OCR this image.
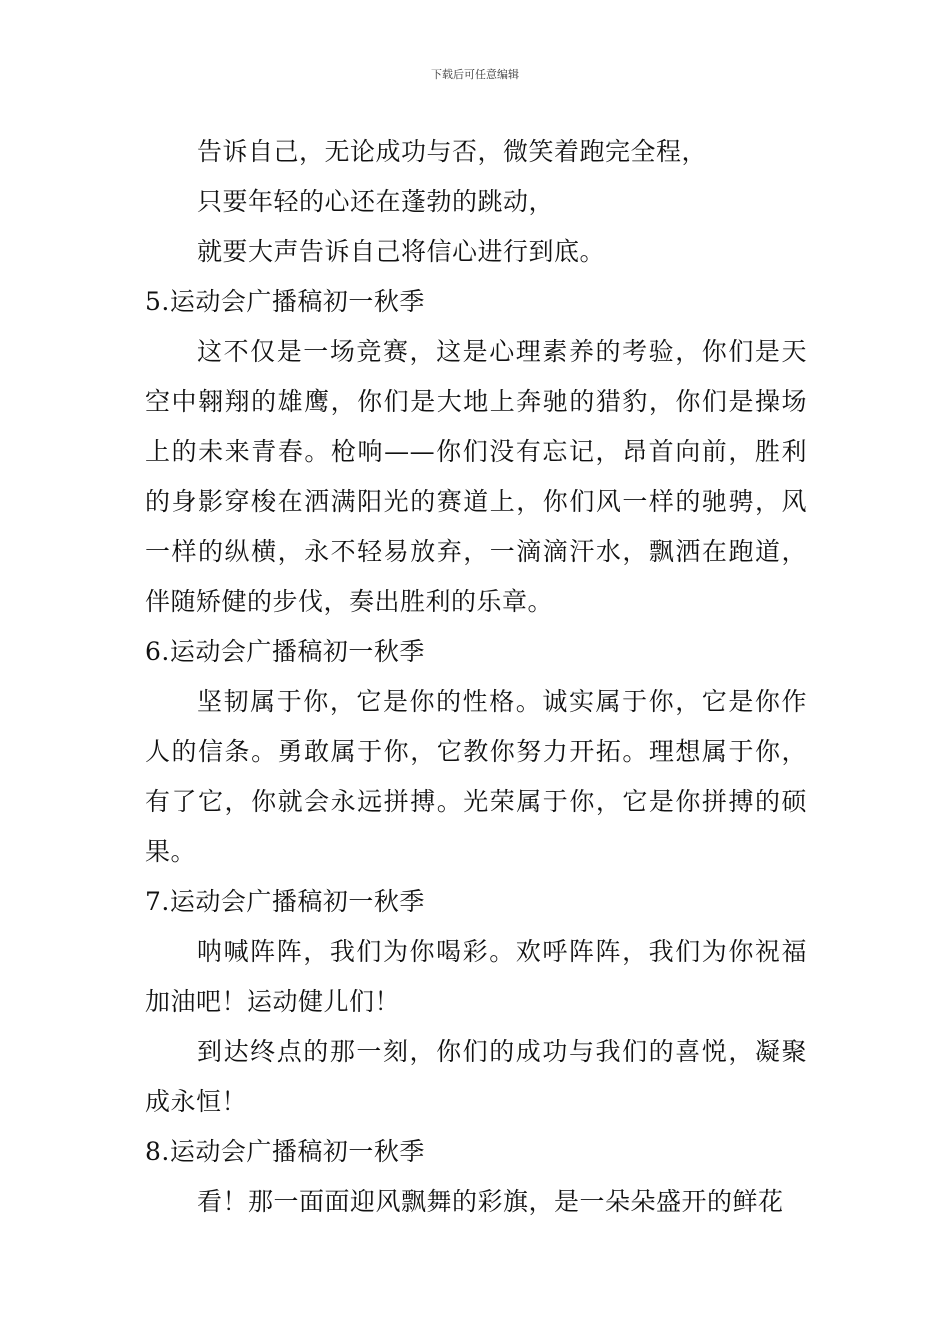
下载后可任意编辑

告诉自己，无论成功与否，微笑着跑完全程，

只要年轻的心还在蓬勃的跳动，

就要大声告诉自己将信心进行到底。

5.运动会广播稿初一秋季

这不仅是一场竞赛，这是心理素养的考验，你们是天空中翱翔的雄鹰，你们是大地上奔驰的猎豹，你们是操场上的未来青春。枪响——你们没有忘记，昂首向前，胜利的身影穿梭在洒满阳光的赛道上，你们风一样的驰骋，风一样的纵横，永不轻易放弃，一滴滴汗水，飘洒在跑道，伴随矫健的步伐，奏出胜利的乐章。

6.运动会广播稿初一秋季

坚韧属于你，它是你的性格。诚实属于你，它是你作人的信条。勇敢属于你，它教你努力开拓。理想属于你，有了它，你就会永远拼搏。光荣属于你，它是你拼搏的硕果。

7.运动会广播稿初一秋季

呐喊阵阵，我们为你喝彩。欢呼阵阵，我们为你祝福加油吧！运动健儿们！

到达终点的那一刻，你们的成功与我们的喜悦，凝聚成永恒！

8.运动会广播稿初一秋季

看！那一面面迎风飘舞的彩旗，是一朵朵盛开的鲜花
